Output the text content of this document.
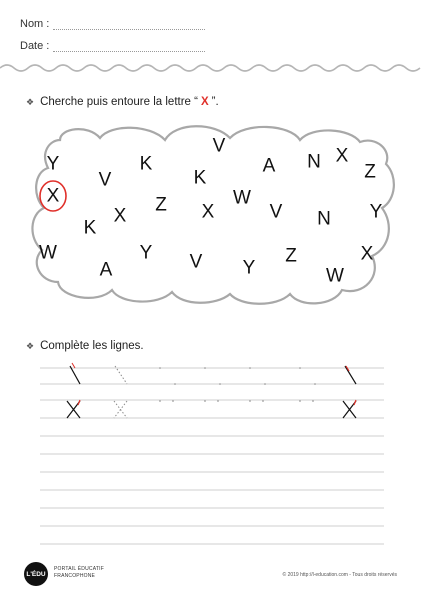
Nom :
Date :
❖ Cherche puis entoure la lettre “ X ”.
Y
V
K
V
K
A N X
Z
X
K
X
Z X
W
V N Y
W
A
Y V Y
Z
W
X
❖ Complète les lignes.
L'ÉDU
PORTAIL ÉDUCATIF
FRANCOPHONE	© 2019 http://l-education.com - Tous droits réservés
